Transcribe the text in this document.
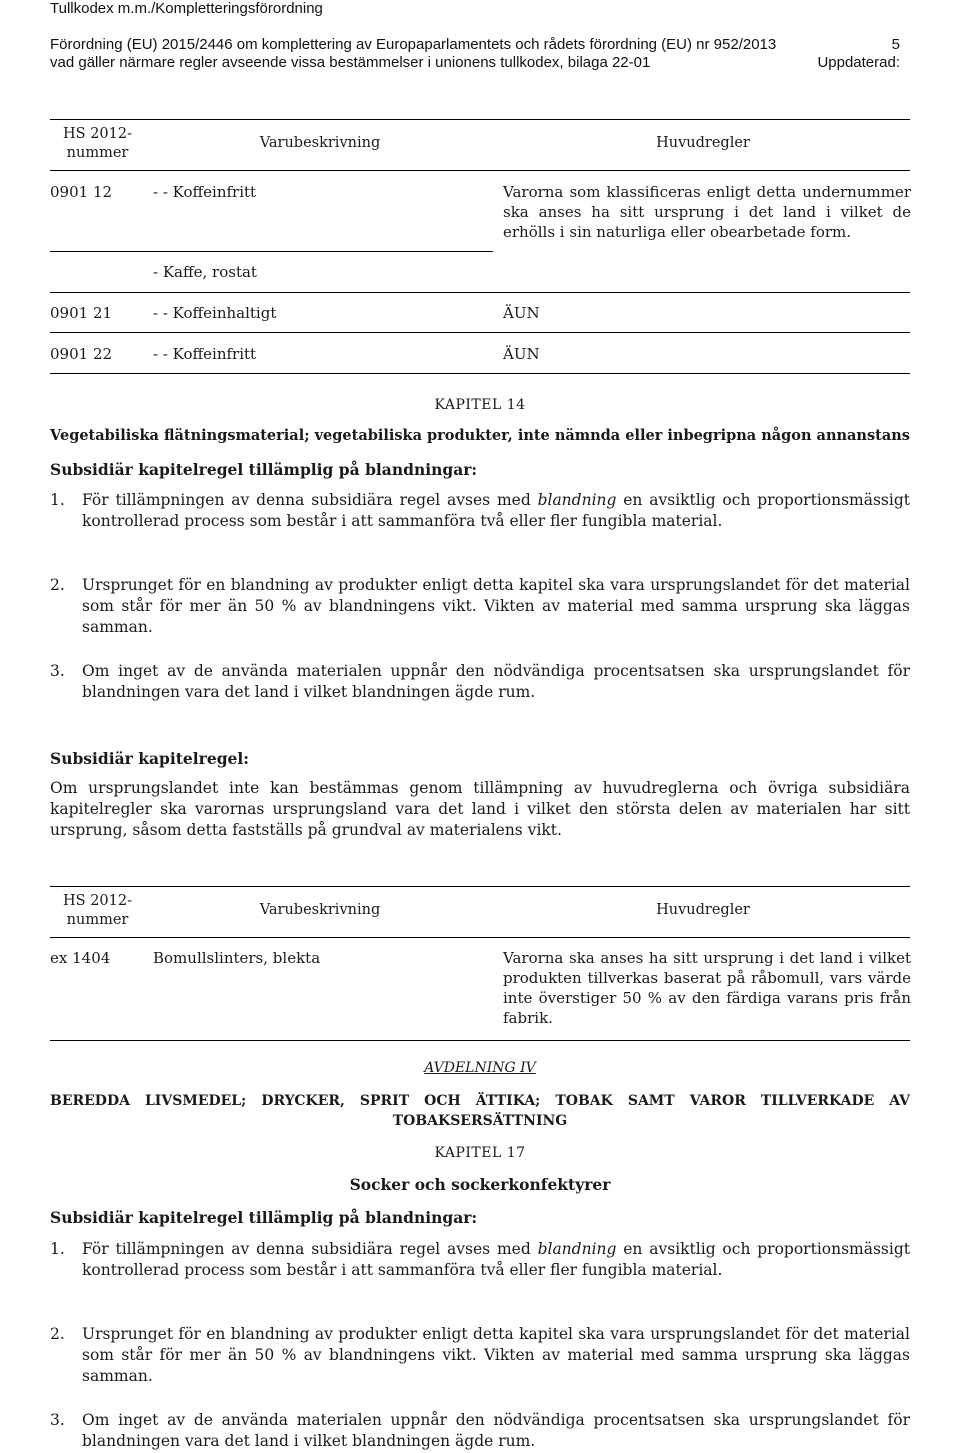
Tullkodex m.m./Kompletteringsförordning
Förordning (EU) 2015/2446 om komplettering av Europaparlamentets och rådets förordning (EU) nr 952/2013
vad gäller närmare regler avseende vissa bestämmelser i unionens tullkodex, bilaga 22-01
5
Uppdaterad:
HS 2012-
nummer
Varubeskrivning	Huvudregler
0901 12	- - Koffeinfritt	Varorna som klassificeras enligt detta undernummer ska anses ha sitt ursprung i det land i vilket de erhölls i sin naturliga eller obearbetade form.
- Kaffe, rostat
0901 21	- - Koffeinhaltigt	ÄUN
0901 22	- - Koffeinfritt	ÄUN
KAPITEL 14
Vegetabiliska flätningsmaterial; vegetabiliska produkter, inte nämnda eller inbegripna någon annanstans
Subsidiär kapitelregel tillämplig på blandningar:
1. För tillämpningen av denna subsidiära regel avses med blandning en avsiktlig och proportionsmässigt kontrollerad process som består i att sammanföra två eller fler fungibla material.
2. Ursprunget för en blandning av produkter enligt detta kapitel ska vara ursprungslandet för det material som står för mer än 50 % av blandningens vikt. Vikten av material med samma ursprung ska läggas samman.
3. Om inget av de använda materialen uppnår den nödvändiga procentsatsen ska ursprungslandet för blandningen vara det land i vilket blandningen ägde rum.
Subsidiär kapitelregel:
Om ursprungslandet inte kan bestämmas genom tillämpning av huvudreglerna och övriga subsidiära kapitelregler ska varornas ursprungsland vara det land i vilket den största delen av materialen har sitt ursprung, såsom detta fastställs på grundval av materialens vikt.
HS 2012-
nummer
Varubeskrivning	Huvudregler
ex 1404	Bomullslinters, blekta	Varorna ska anses ha sitt ursprung i det land i vilket produkten tillverkas baserat på råbomull, vars värde inte överstiger 50 % av den färdiga varans pris från fabrik.
AVDELNING IV
BEREDDA LIVSMEDEL; DRYCKER, SPRIT OCH ÄTTIKA; TOBAK SAMT VAROR TILLVERKADE AV
TOBAKSERSÄTTNING
KAPITEL 17
Socker och sockerkonfektyrer
Subsidiär kapitelregel tillämplig på blandningar:
1. För tillämpningen av denna subsidiära regel avses med blandning en avsiktlig och proportionsmässigt kontrollerad process som består i att sammanföra två eller fler fungibla material.
2. Ursprunget för en blandning av produkter enligt detta kapitel ska vara ursprungslandet för det material som står för mer än 50 % av blandningens vikt. Vikten av material med samma ursprung ska läggas samman.
3. Om inget av de använda materialen uppnår den nödvändiga procentsatsen ska ursprungslandet för blandningen vara det land i vilket blandningen ägde rum.
